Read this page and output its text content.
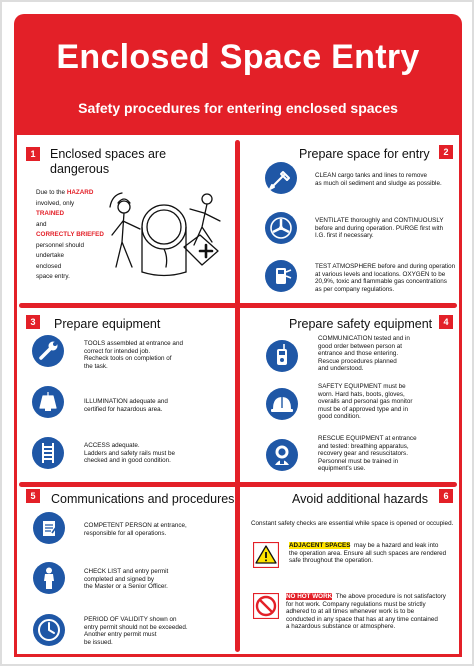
Enclosed Space Entry
Safety procedures for entering enclosed spaces
1	Enclosed spaces are
dangerous
Due to the HAZARD
involved, only
TRAINED
and
CORRECTLY BRIEFED
personnel should
undertake
enclosed
space entry.
Prepare space for entry	2
CLEAN cargo tanks and lines to remove
as much oil sediment and sludge as possible.
VENTILATE thoroughly and CONTINUOUSLY
before and during operation. PURGE first with
I.G. first if necessary.
TEST ATMOSPHERE before and during operation
at various levels and locations. OXYGEN to be
20,9%, toxic and flammable gas concentrations
as per company regulations.
3	Prepare equipment
TOOLS assembled at entrance and
correct for intended job.
Recheck tools on completion of
the task.
ILLUMINATION adequate and
certified for hazardous area.
ACCESS adequate.
Ladders and safety rails must be
checked and in good condition.
Prepare safety equipment	4
COMMUNICATION tested and in
good order between person at
entrance and those entering.
Rescue procedures planned
and understood.
SAFETY EQUIPMENT must be
worn. Hard hats, boots, gloves,
overalls and personal gas monitor
must be of approved type and in
good condition.
RESCUE EQUIPMENT at entrance
and tested: breathing apparatus,
recovery gear and resuscitators.
Personnel must be trained in
equipment's use.
5	Communications and procedures
COMPETENT PERSON at entrance,
responsible for all operations.
CHECK LIST and entry permit
completed and signed by
the Master or a Senior Officer.
PERIOD OF VALIDITY shown on
entry permit should not be exceeded.
Another entry permit must
be issued.
Avoid additional hazards	6
Constant safety checks are essential while space is opened or occupied.
ADJACENT SPACES may be a hazard and leak into
the operation area. Ensure all such spaces are rendered
safe throughout the operation.
NO HOT WORK The above procedure is not satisfactory
for hot work. Company regulations must be strictly
adhered to at all times whenever work is to be
conducted in any space that has at any time contained
a hazardous substance or atmosphere.
